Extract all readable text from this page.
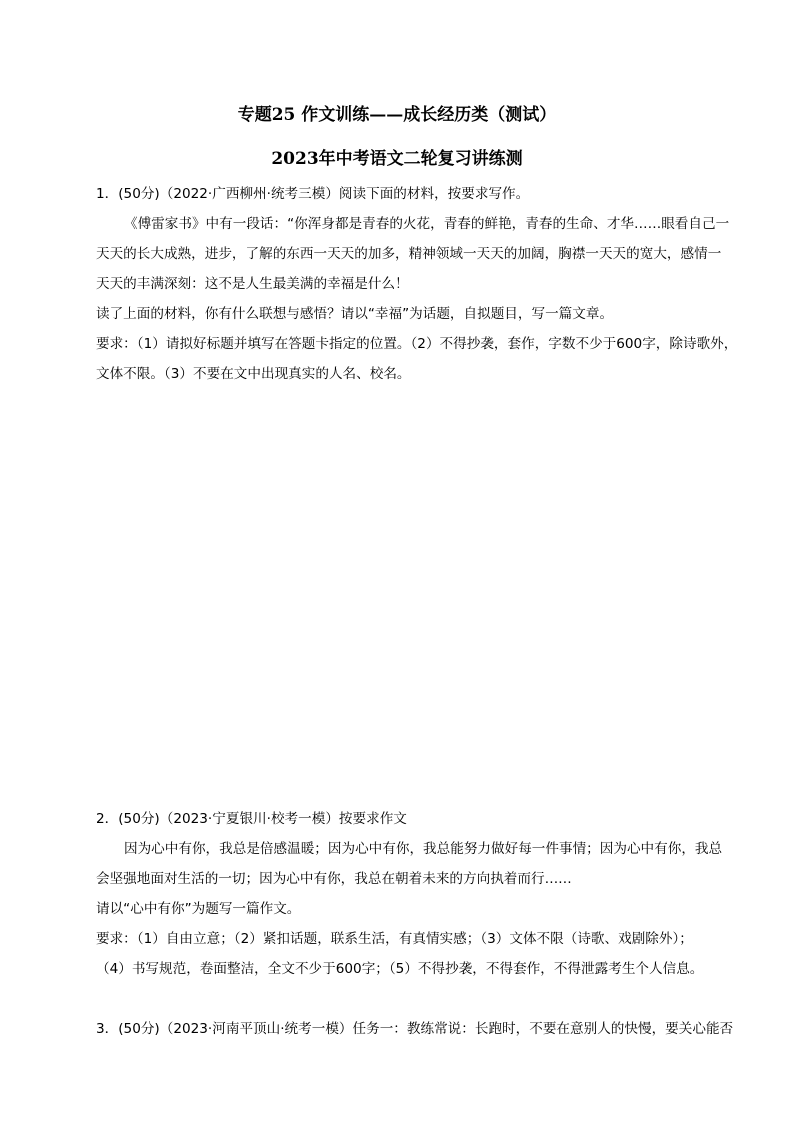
专题25 作文训练——成长经历类（测试）
2023年中考语文二轮复习讲练测
1．(50分)（2022·广西柳州·统考三模）阅读下面的材料，按要求写作。
《傅雷家书》中有一段话：“你浑身都是青春的火花，青春的鲜艳，青春的生命、才华……眼看自己一
天天的长大成熟，进步，了解的东西一天天的加多，精神领域一天天的加阔，胸襟一天天的宽大，感情一
天天的丰满深刻：这不是人生最美满的幸福是什么！
读了上面的材料，你有什么联想与感悟？请以“幸福”为话题，自拟题目，写一篇文章。
要求：（1）请拟好标题并填写在答题卡指定的位置。（2）不得抄袭，套作，字数不少于600字，除诗歌外，
文体不限。（3）不要在文中出现真实的人名、校名。
2．(50分)（2023·宁夏银川·校考一模）按要求作文
因为心中有你，我总是倍感温暖；因为心中有你，我总能努力做好每一件事情；因为心中有你，我总
会坚强地面对生活的一切；因为心中有你，我总在朝着未来的方向执着而行……
请以“心中有你”为题写一篇作文。
要求：（1）自由立意；（2）紧扣话题，联系生活，有真情实感；（3）文体不限（诗歌、戏剧除外）；
（4）书写规范，卷面整洁，全文不少于600字；（5）不得抄袭，不得套作，不得泄露考生个人信息。
3．(50分)（2023·河南平顶山·统考一模）任务一：教练常说：长跑时，不要在意别人的快慢，要关心能否
